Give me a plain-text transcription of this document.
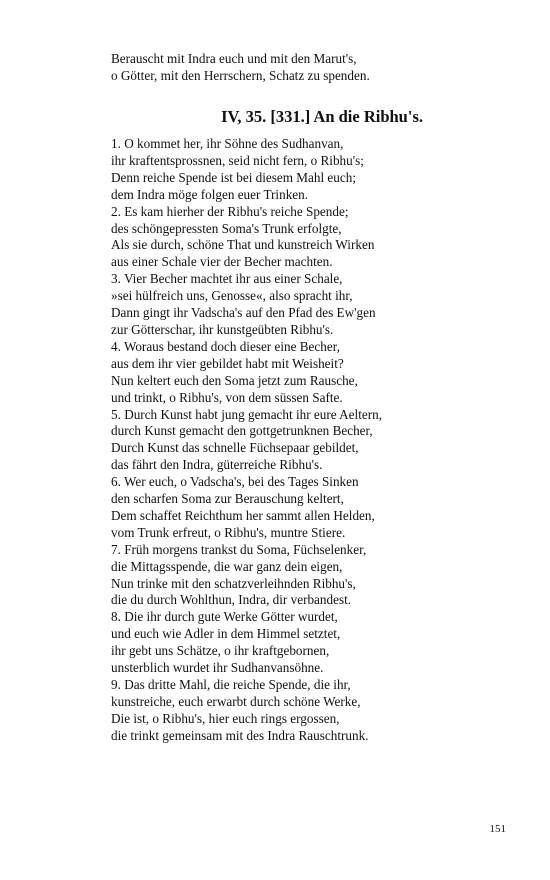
Berauscht mit Indra euch und mit den Marut's,
o Götter, mit den Herrschern, Schatz zu spenden.
IV, 35. [331.] An die Ribhu's.
1. O kommet her, ihr Söhne des Sudhanvan,
ihr kraftentsprossnen, seid nicht fern, o Ribhu's;
Denn reiche Spende ist bei diesem Mahl euch;
dem Indra möge folgen euer Trinken.
2. Es kam hierher der Ribhu's reiche Spende;
des schöngepressten Soma's Trunk erfolgte,
Als sie durch, schöne That und kunstreich Wirken
aus einer Schale vier der Becher machten.
3. Vier Becher machtet ihr aus einer Schale,
»sei hülfreich uns, Genosse«, also spracht ihr,
Dann gingt ihr Vadscha's auf den Pfad des Ew'gen
zur Götterschar, ihr kunstgeübten Ribhu's.
4. Woraus bestand doch dieser eine Becher,
aus dem ihr vier gebildet habt mit Weisheit?
Nun keltert euch den Soma jetzt zum Rausche,
und trinkt, o Ribhu's, von dem süssen Safte.
5. Durch Kunst habt jung gemacht ihr eure Aeltern,
durch Kunst gemacht den gottgetrunknen Becher,
Durch Kunst das schnelle Füchsepaar gebildet,
das fährt den Indra, güterreiche Ribhu's.
6. Wer euch, o Vadscha's, bei des Tages Sinken
den scharfen Soma zur Berauschung keltert,
Dem schaffet Reichthum her sammt allen Helden,
vom Trunk erfreut, o Ribhu's, muntre Stiere.
7. Früh morgens trankst du Soma, Füchselenker,
die Mittagsspende, die war ganz dein eigen,
Nun trinke mit den schatzverleihnden Ribhu's,
die du durch Wohlthun, Indra, dir verbandest.
8. Die ihr durch gute Werke Götter wurdet,
und euch wie Adler in dem Himmel setztet,
ihr gebt uns Schätze, o ihr kraftgebornen,
unsterblich wurdet ihr Sudhanvansöhne.
9. Das dritte Mahl, die reiche Spende, die ihr,
kunstreiche, euch erwarbt durch schöne Werke,
Die ist, o Ribhu's, hier euch rings ergossen,
die trinkt gemeinsam mit des Indra Rauschtrunk.
151
